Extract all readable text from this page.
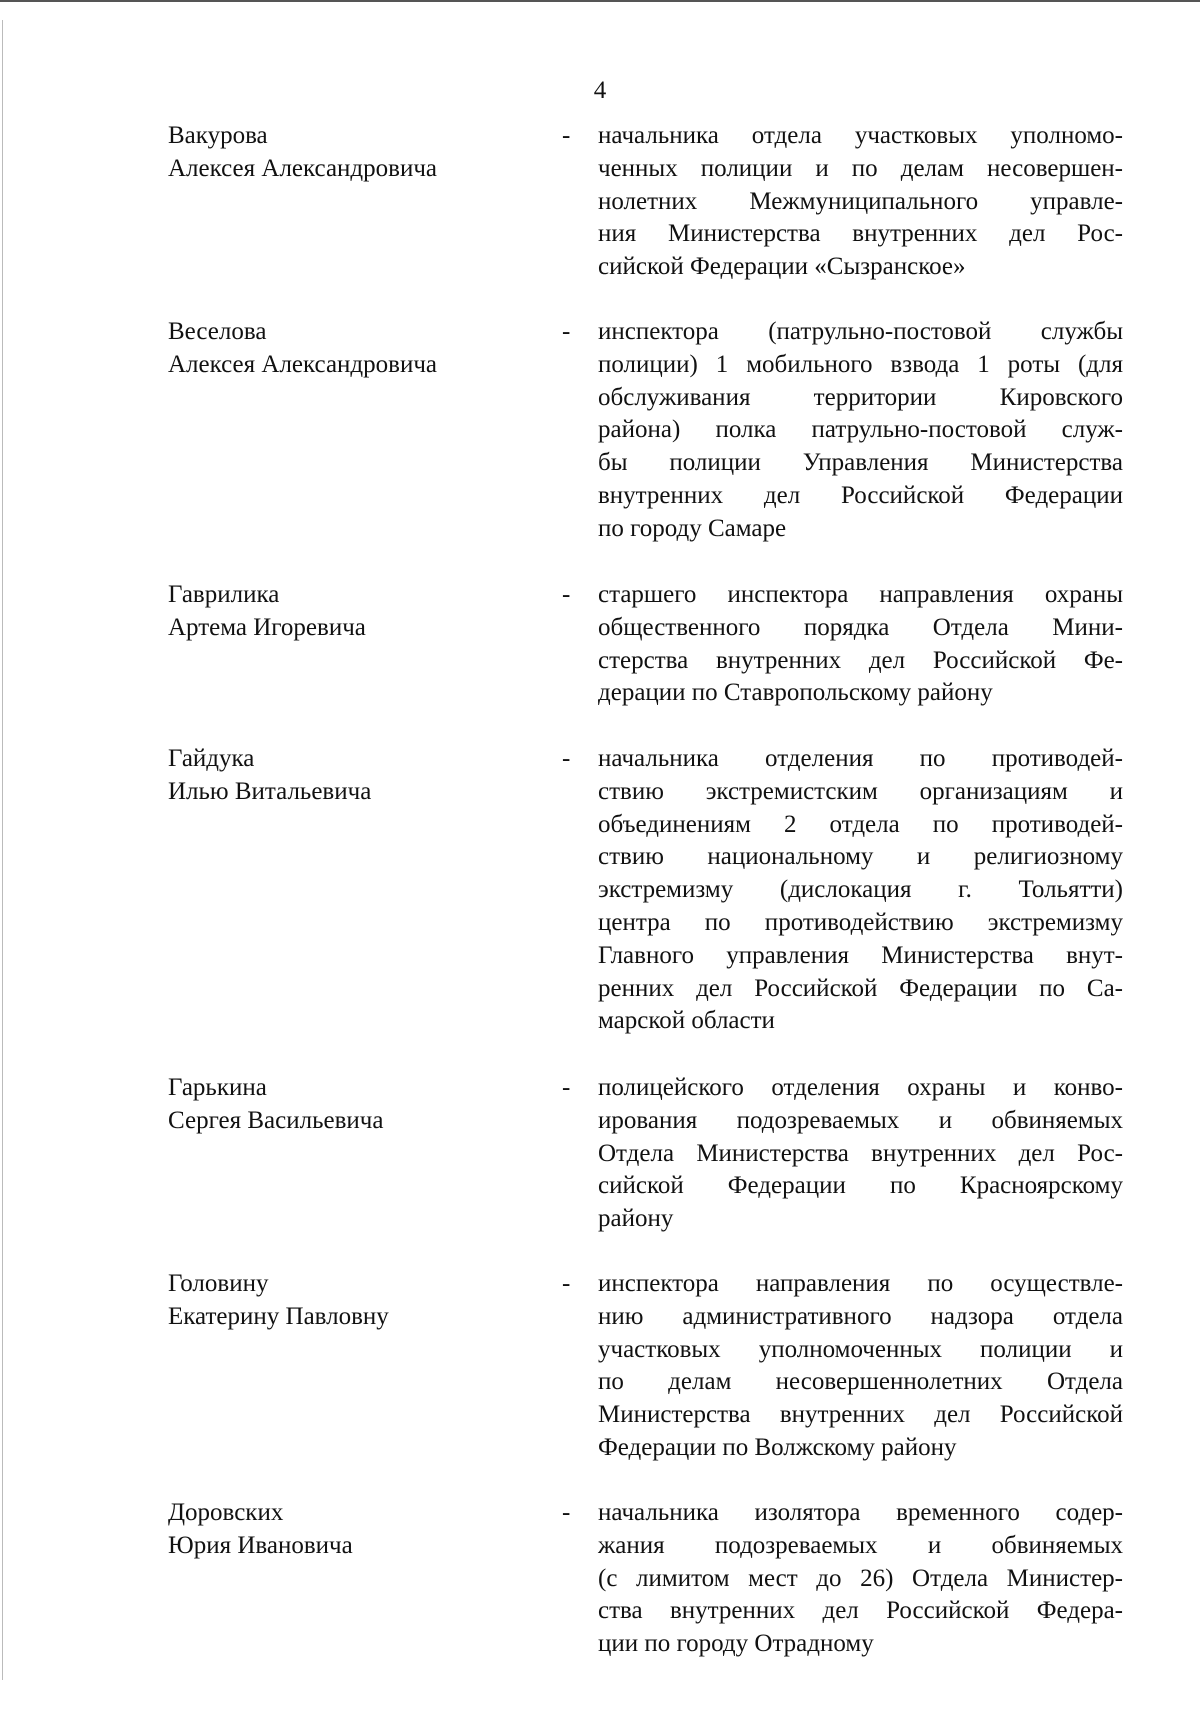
4
Вакурова
Алексея Александровича
- начальника отдела участковых уполномо-
ченных полиции и по делам несовершен-
нолетних Межмуниципального управле-
ния Министерства внутренних дел Рос-
сийской Федерации «Сызранское»
Веселова
Алексея Александровича
- инспектора (патрульно-постовой службы
полиции) 1 мобильного взвода 1 роты (для
обслуживания территории Кировского
района) полка патрульно-постовой служ-
бы полиции Управления Министерства
внутренних дел Российской Федерации
по городу Самаре
Гаврилика
Артема Игоревича
- старшего инспектора направления охраны
общественного порядка Отдела Мини-
стерства внутренних дел Российской Фе-
дерации по Ставропольскому району
Гайдука
Илью Витальевича
- начальника отделения по противодей-
ствию экстремистским организациям и
объединениям 2 отдела по противодей-
ствию национальному и религиозному
экстремизму (дислокация г. Тольятти)
центра по противодействию экстремизму
Главного управления Министерства внут-
ренних дел Российской Федерации по Са-
марской области
Гарькина
Сергея Васильевича
- полицейского отделения охраны и конво-
ирования подозреваемых и обвиняемых
Отдела Министерства внутренних дел Рос-
сийской Федерации по Красноярскому
району
Головину
Екатерину Павловну
- инспектора направления по осуществле-
нию административного надзора отдела
участковых уполномоченных полиции и
по делам несовершеннолетних Отдела
Министерства внутренних дел Российской
Федерации по Волжскому району
Доровских
Юрия Ивановича
- начальника изолятора временного содер-
жания подозреваемых и обвиняемых
(с лимитом мест до 26) Отдела Министер-
ства внутренних дел Российской Федера-
ции по городу Отрадному
